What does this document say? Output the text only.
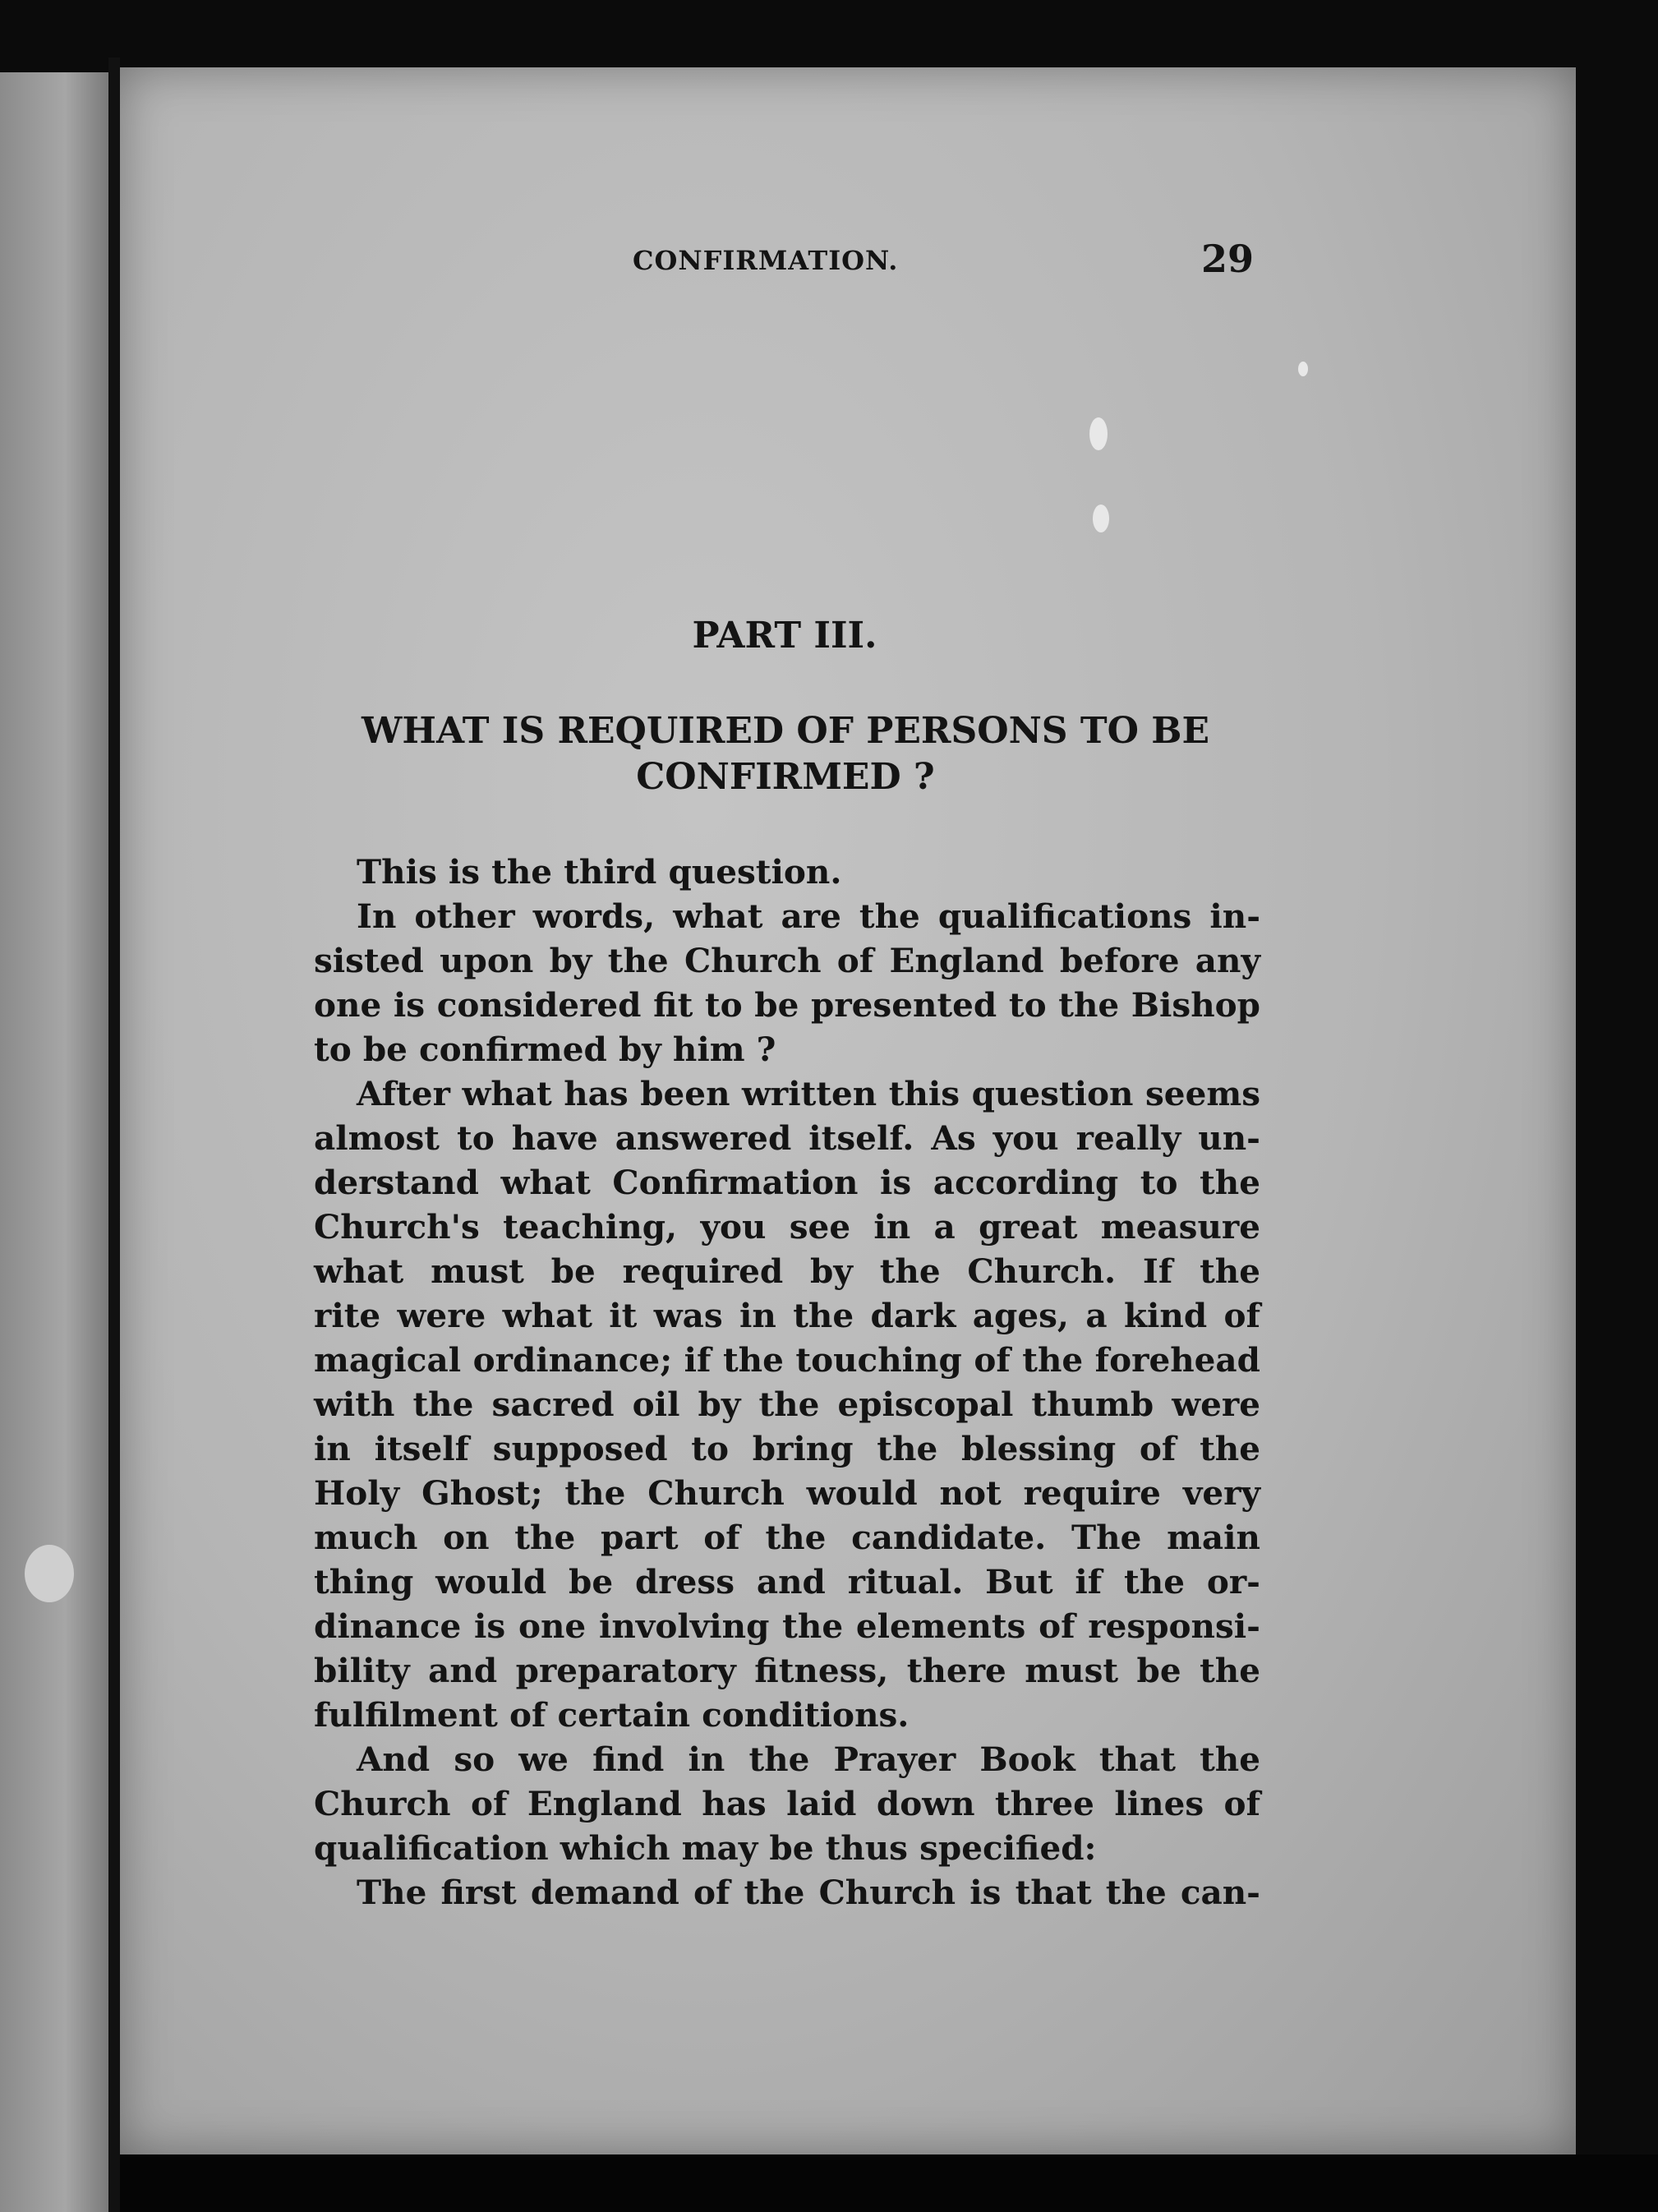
CONFIRMATION.	29
PART III.
WHAT IS REQUIRED OF PERSONS TO BE
CONFIRMED ?
This is the third question.
In other words, what are the qualifications in-
sisted upon by the Church of England before any
one is considered fit to be presented to the Bishop
to be confirmed by him ?
After what has been written this question seems
almost to have answered itself. As you really un-
derstand what Confirmation is according to the
Church's teaching, you see in a great measure
what must be required by the Church. If the
rite were what it was in the dark ages, a kind of
magical ordinance; if the touching of the forehead
with the sacred oil by the episcopal thumb were
in itself supposed to bring the blessing of the
Holy Ghost; the Church would not require very
much on the part of the candidate. The main
thing would be dress and ritual. But if the or-
dinance is one involving the elements of responsi-
bility and preparatory fitness, there must be the
fulfilment of certain conditions.
And so we find in the Prayer Book that the
Church of England has laid down three lines of
qualification which may be thus specified:
The first demand of the Church is that the can-
